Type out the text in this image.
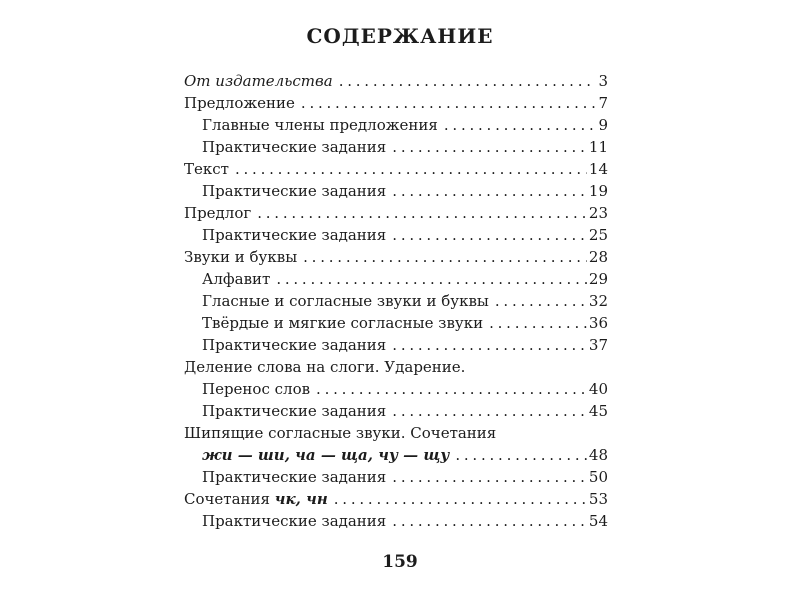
СОДЕРЖАНИЕ
От издательства . . .	3
Предложение . . .	7
Главные члены предложения . . .	9
Практические задания . . .	11
Текст . . .	14
Практические задания . . .	19
Предлог . . .	23
Практические задания . . .	25
Звуки и буквы . . .	28
Алфавит . . .	29
Гласные и согласные звуки и буквы . . .	32
Твёрдые и мягкие согласные звуки . . .	36
Практические задания . . .	37
Деление слова на слоги. Ударение.
Перенос слов . . .	40
Практические задания . . .	45
Шипящие согласные звуки. Сочетания
жи — ши, ча — ща, чу — щу . . .	48
Практические задания . . .	50
Сочетания чк, чн . . .	53
Практические задания . . .	54
159
